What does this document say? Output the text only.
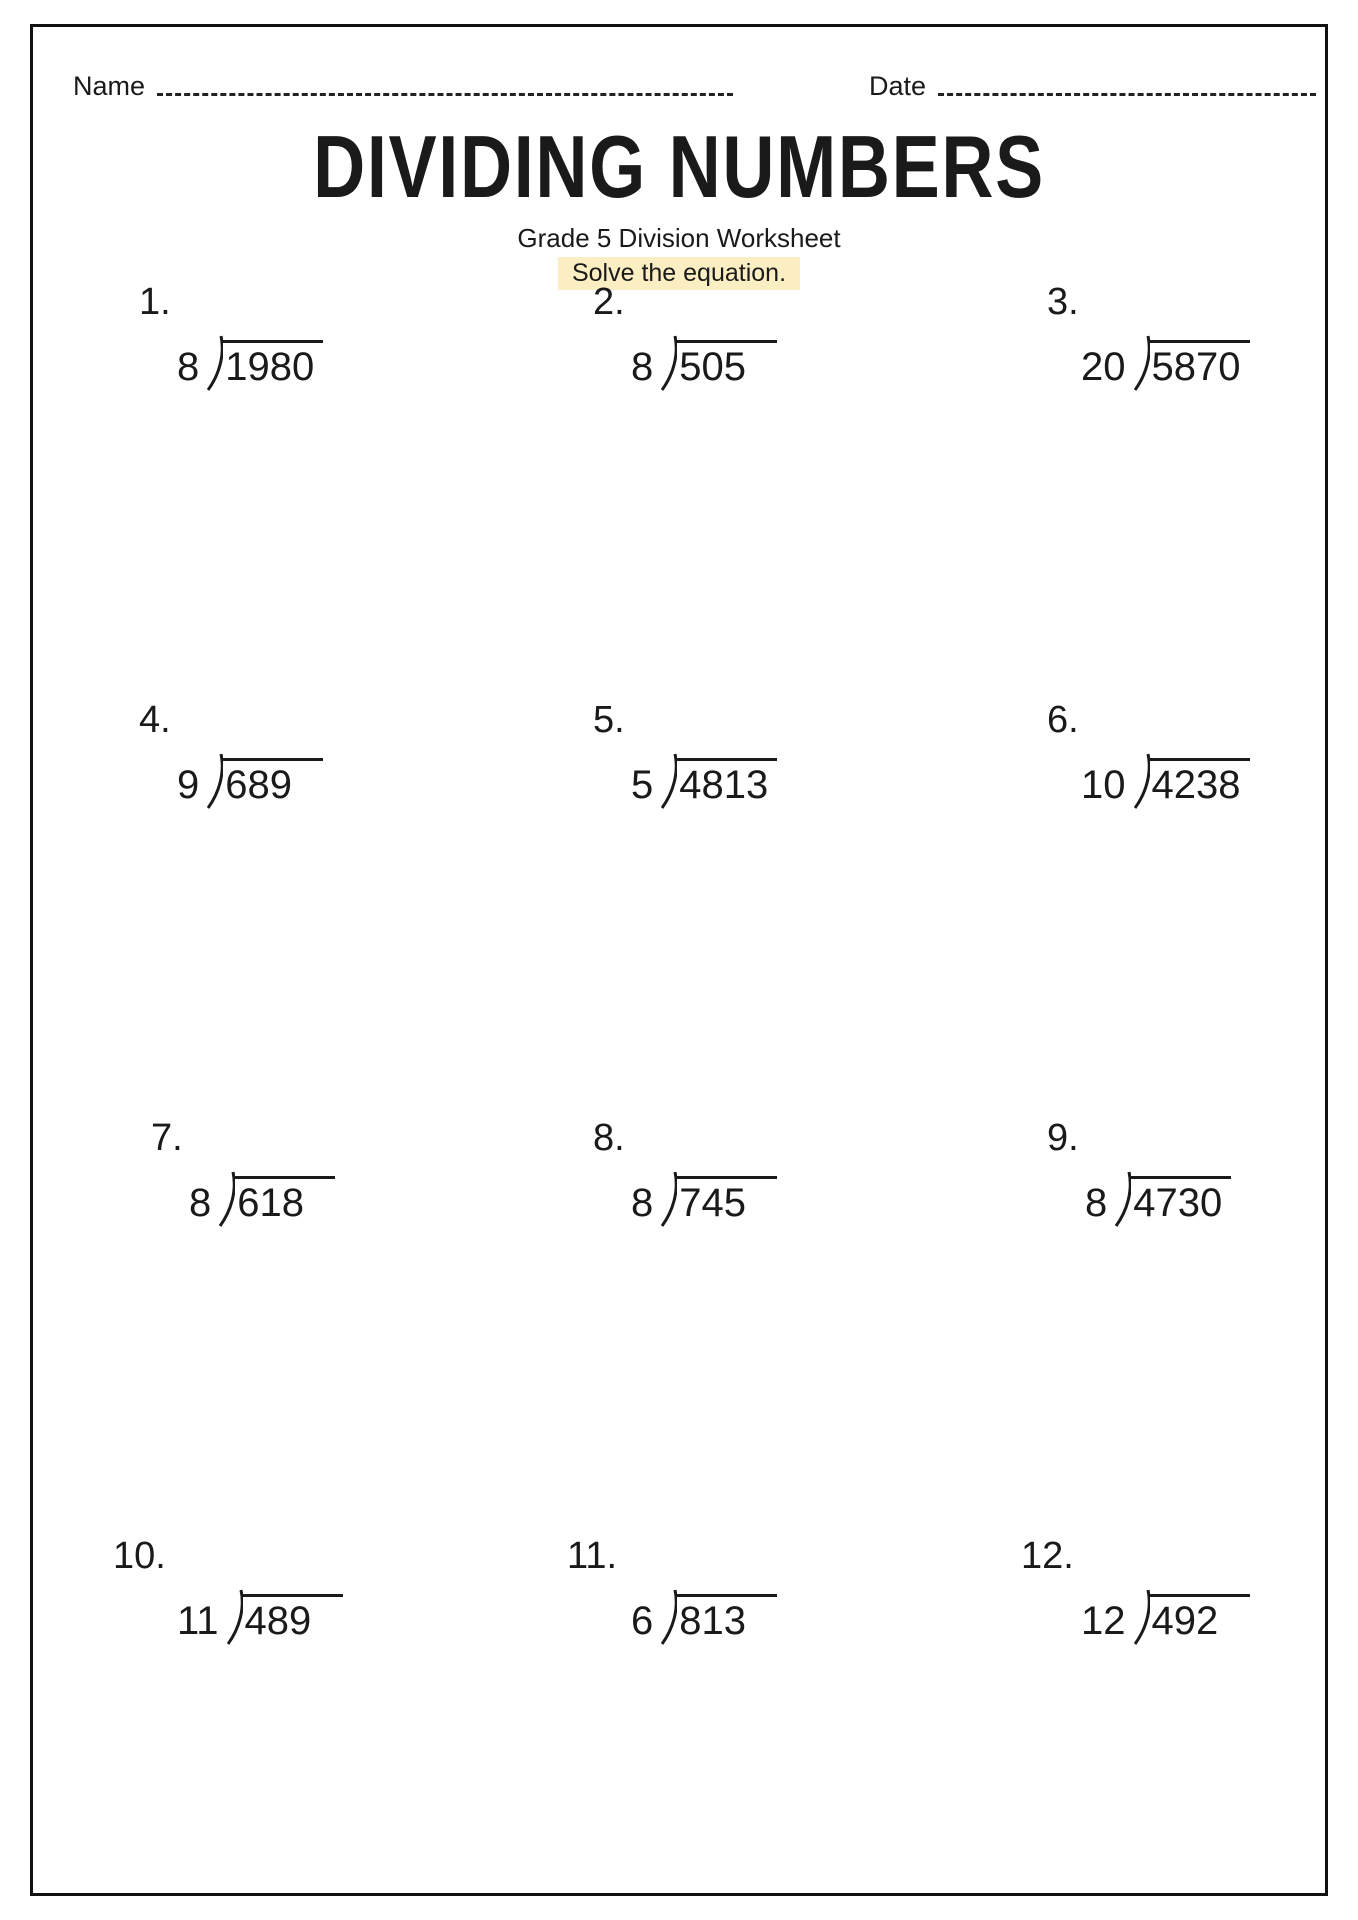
Name	Date
DIVIDING NUMBERS
Grade 5 Division Worksheet
Solve the equation.
1.
8 1980
2.
8 505
3.
20 5870
4.
9 689
5.
5 4813
6.
10 4238
7.
8 618
8.
8 745
9.
8 4730
10.
11 489
11.
6 813
12.
12 492
